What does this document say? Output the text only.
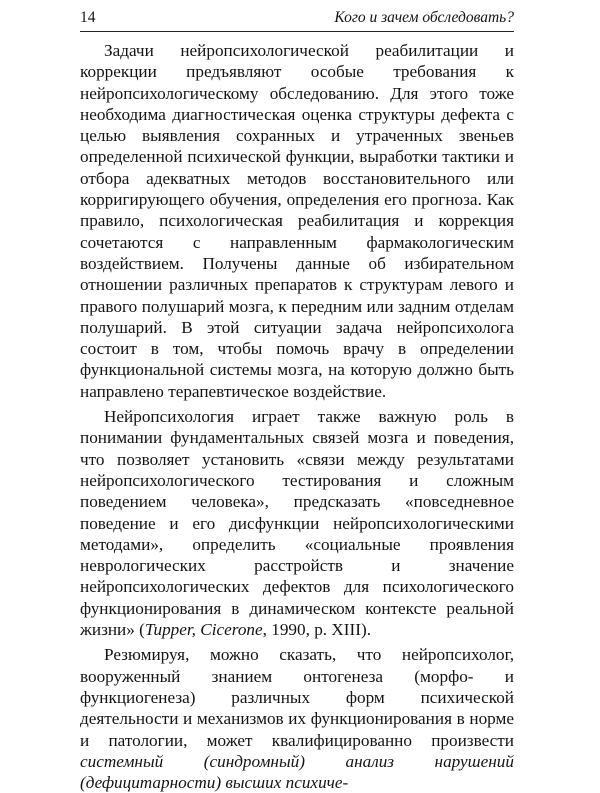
14	Кого и зачем обследовать?

Задачи нейропсихологической реабилитации и коррекции предъявляют особые требования к нейропсихологическому обследованию. Для этого тоже необходима диагностическая оценка структуры дефекта с целью выявления сохранных и утраченных звеньев определенной психической функции, выработки тактики и отбора адекватных методов восстановительного или корригирующего обучения, определения его прогноза. Как правило, психологическая реабилитация и коррекция сочетаются с направленным фармакологическим воздействием. Получены данные об избирательном отношении различных препаратов к структурам левого и правого полушарий мозга, к передним или задним отделам полушарий. В этой ситуации задача нейропсихолога состоит в том, чтобы помочь врачу в определении функциональной системы мозга, на которую должно быть направлено терапевтическое воздействие.

Нейропсихология играет также важную роль в понимании фундаментальных связей мозга и поведения, что позволяет установить «связи между результатами нейропсихологического тестирования и сложным поведением человека», предсказать «повседневное поведение и его дисфункции нейропсихологическими методами», определить «социальные проявления неврологических расстройств и значение нейропсихологических дефектов для психологического функционирования в динамическом контексте реальной жизни» (Tupper, Cicerone, 1990, p. XIII).

Резюмируя, можно сказать, что нейропсихолог, вооруженный знанием онтогенеза (морфо- и функциогенеза) различных форм психической деятельности и механизмов их функционирования в норме и патологии, может квалифицированно произвести системный (синдромный) анализ нарушений (дефицитарности) высших психиче-
